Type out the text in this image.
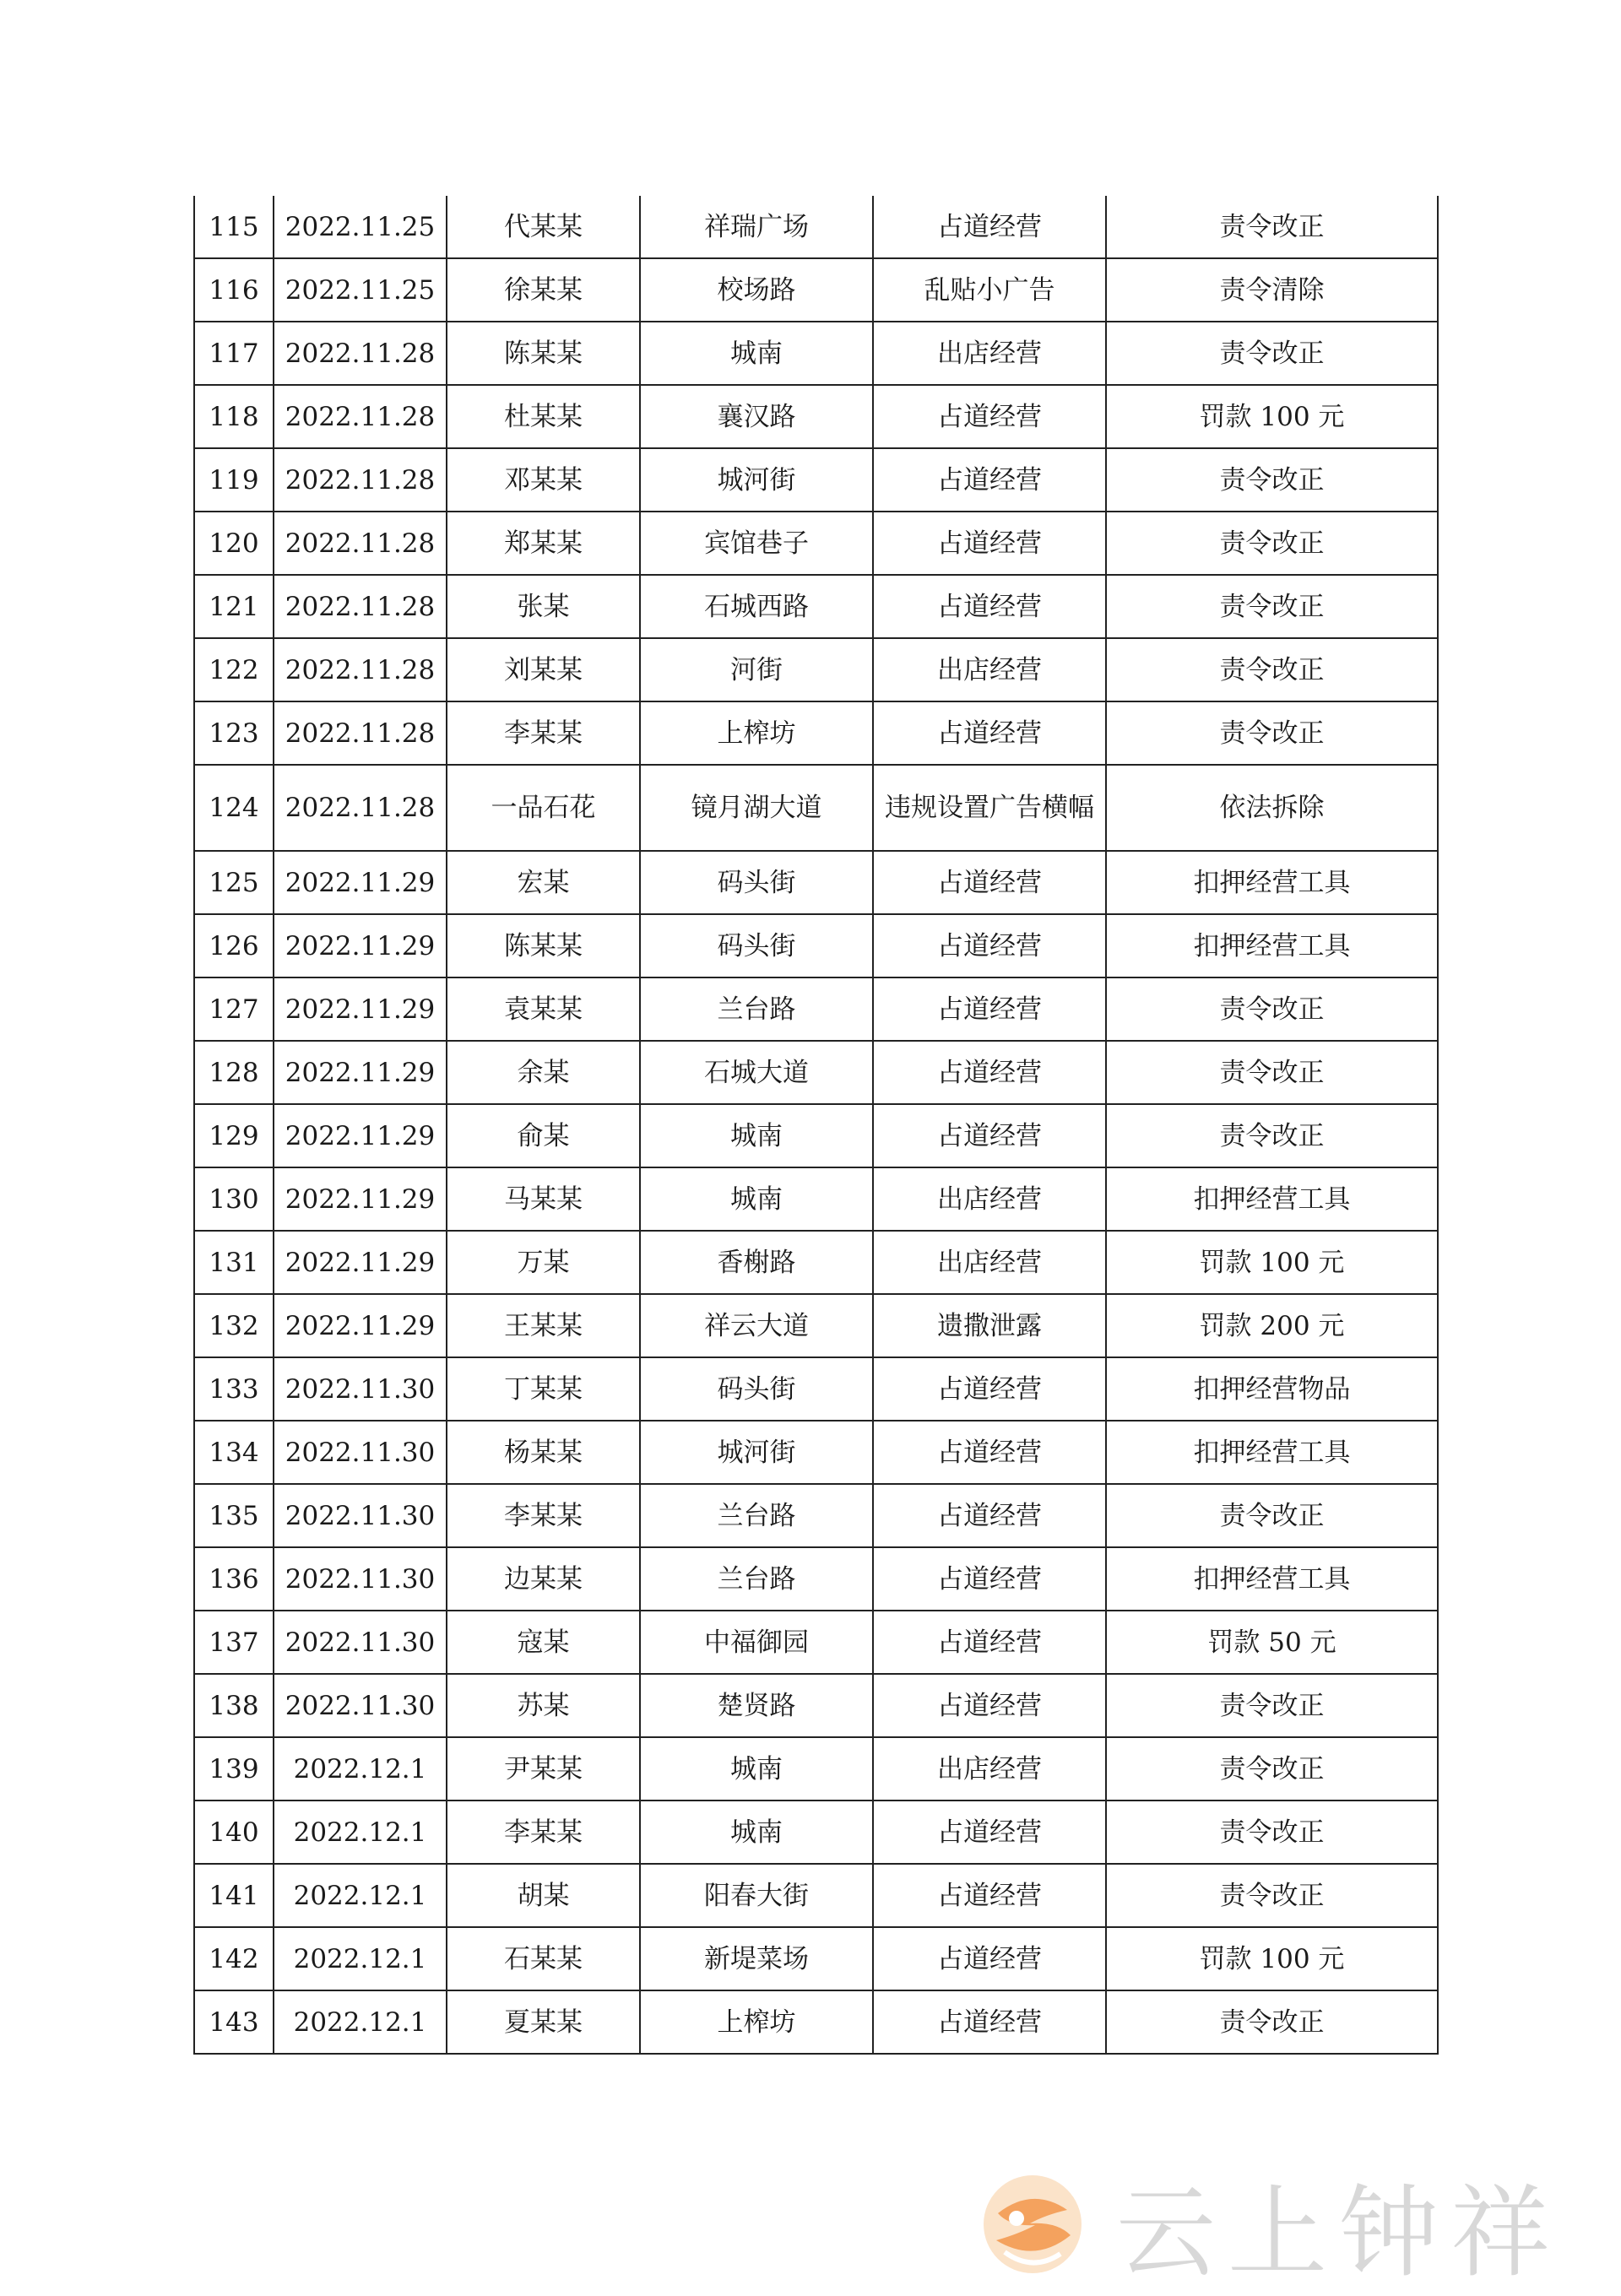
115	2022.11.25	代某某	祥瑞广场	占道经营	责令改正
116	2022.11.25	徐某某	校场路	乱贴小广告	责令清除
117	2022.11.28	陈某某	城南	出店经营	责令改正
118	2022.11.28	杜某某	襄汉路	占道经营	罚款 100 元
119	2022.11.28	邓某某	城河街	占道经营	责令改正
120	2022.11.28	郑某某	宾馆巷子	占道经营	责令改正
121	2022.11.28	张某	石城西路	占道经营	责令改正
122	2022.11.28	刘某某	河街	出店经营	责令改正
123	2022.11.28	李某某	上榨坊	占道经营	责令改正
124	2022.11.28	一品石花	镜月湖大道	违规设置广告横幅	依法拆除
125	2022.11.29	宏某	码头街	占道经营	扣押经营工具
126	2022.11.29	陈某某	码头街	占道经营	扣押经营工具
127	2022.11.29	袁某某	兰台路	占道经营	责令改正
128	2022.11.29	余某	石城大道	占道经营	责令改正
129	2022.11.29	俞某	城南	占道经营	责令改正
130	2022.11.29	马某某	城南	出店经营	扣押经营工具
131	2022.11.29	万某	香榭路	出店经营	罚款 100 元
132	2022.11.29	王某某	祥云大道	遗撒泄露	罚款 200 元
133	2022.11.30	丁某某	码头街	占道经营	扣押经营物品
134	2022.11.30	杨某某	城河街	占道经营	扣押经营工具
135	2022.11.30	李某某	兰台路	占道经营	责令改正
136	2022.11.30	边某某	兰台路	占道经营	扣押经营工具
137	2022.11.30	寇某	中福御园	占道经营	罚款 50 元
138	2022.11.30	苏某	楚贤路	占道经营	责令改正
139	2022.12.1	尹某某	城南	出店经营	责令改正
140	2022.12.1	李某某	城南	占道经营	责令改正
141	2022.12.1	胡某	阳春大街	占道经营	责令改正
142	2022.12.1	石某某	新堤菜场	占道经营	罚款 100 元
143	2022.12.1	夏某某	上榨坊	占道经营	责令改正
云上钟祥
